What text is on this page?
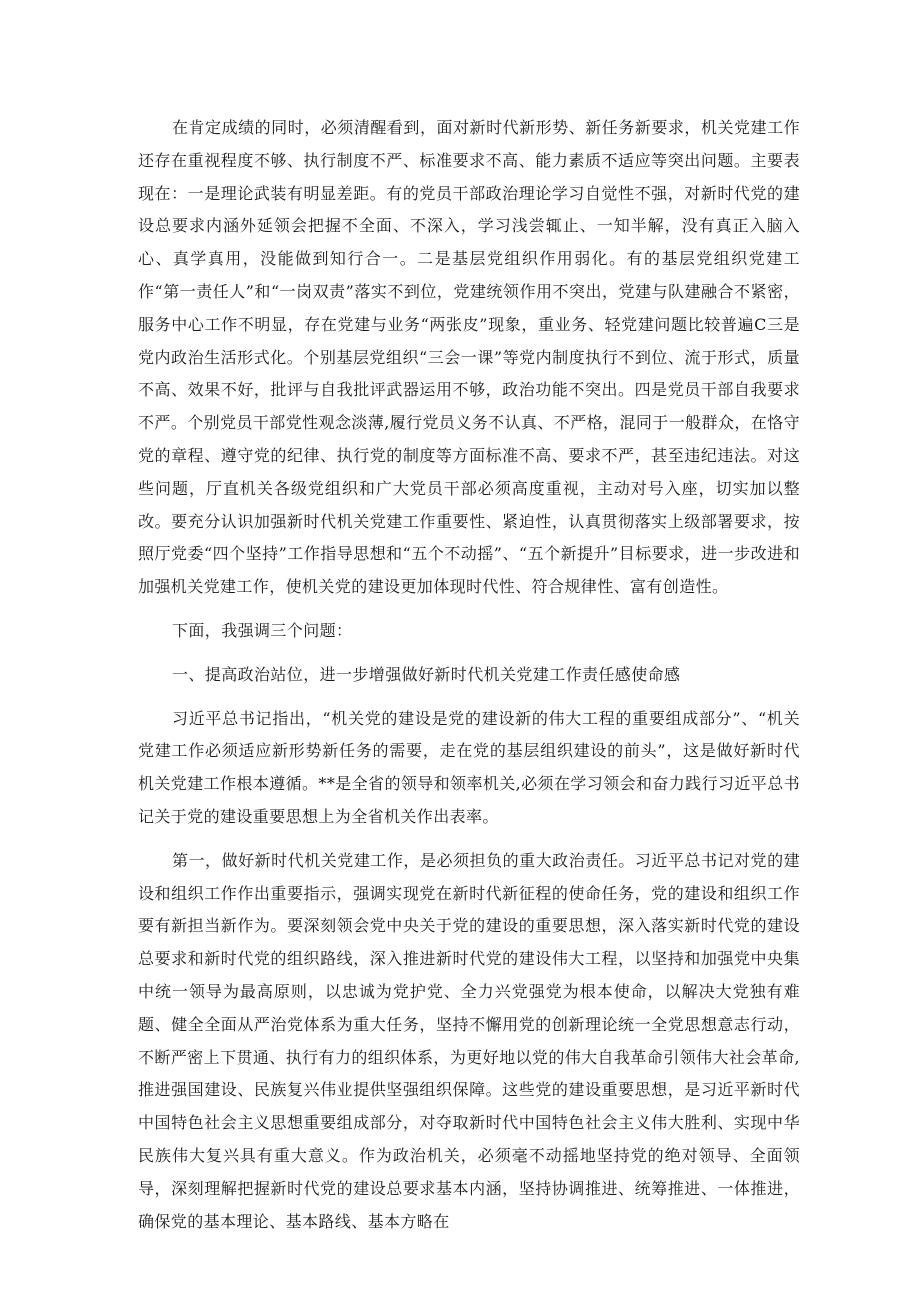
在肯定成绩的同时，必须清醒看到，面对新时代新形势、新任务新要求，机关党建工作还存在重视程度不够、执行制度不严、标准要求不高、能力素质不适应等突出问题。主要表现在：一是理论武装有明显差距。有的党员干部政治理论学习自觉性不强，对新时代党的建设总要求内涵外延领会把握不全面、不深入，学习浅尝辄止、一知半解，没有真正入脑入心、真学真用，没能做到知行合一。二是基层党组织作用弱化。有的基层党组织党建工作“第一责任人”和“一岗双责”落实不到位，党建统领作用不突出，党建与队建融合不紧密，服务中心工作不明显，存在党建与业务“两张皮”现象，重业务、轻党建问题比较普遍C三是党内政治生活形式化。个别基层党组织“三会一课”等党内制度执行不到位、流于形式，质量不高、效果不好，批评与自我批评武器运用不够，政治功能不突出。四是党员干部自我要求不严。个别党员干部党性观念淡薄,履行党员义务不认真、不严格，混同于一般群众，在恪守党的章程、遵守党的纪律、执行党的制度等方面标准不高、要求不严，甚至违纪违法。对这些问题，厅直机关各级党组织和广大党员干部必须高度重视，主动对号入座，切实加以整改。要充分认识加强新时代机关党建工作重要性、紧迫性，认真贯彻落实上级部署要求，按照厅党委“四个坚持”工作指导思想和“五个不动摇”、“五个新提升”目标要求，进一步改进和加强机关党建工作，使机关党的建设更加体现时代性、符合规律性、富有创造性。

下面，我强调三个问题：

一、提高政治站位，进一步增强做好新时代机关党建工作责任感使命感

习近平总书记指出，“机关党的建设是党的建设新的伟大工程的重要组成部分”、“机关党建工作必须适应新形势新任务的需要，走在党的基层组织建设的前头”，这是做好新时代机关党建工作根本遵循。**是全省的领导和领率机关,必须在学习领会和奋力践行习近平总书记关于党的建设重要思想上为全省机关作出表率。

第一，做好新时代机关党建工作，是必须担负的重大政治责任。习近平总书记对党的建设和组织工作作出重要指示，强调实现党在新时代新征程的使命任务，党的建设和组织工作要有新担当新作为。要深刻领会党中央关于党的建设的重要思想，深入落实新时代党的建设总要求和新时代党的组织路线，深入推进新时代党的建设伟大工程，以坚持和加强党中央集中统一领导为最高原则，以忠诚为党护党、全力兴党强党为根本使命，以解决大党独有难题、健全全面从严治党体系为重大任务，坚持不懈用党的创新理论统一全党思想意志行动，不断严密上下贯通、执行有力的组织体系，为更好地以党的伟大自我革命引领伟大社会革命,推进强国建设、民族复兴伟业提供坚强组织保障。这些党的建设重要思想，是习近平新时代中国特色社会主义思想重要组成部分，对夺取新时代中国特色社会主义伟大胜利、实现中华民族伟大复兴具有重大意义。作为政治机关，必须毫不动摇地坚持党的绝对领导、全面领导，深刻理解把握新时代党的建设总要求基本内涵，坚持协调推进、统筹推进、一体推进，确保党的基本理论、基本路线、基本方略在
